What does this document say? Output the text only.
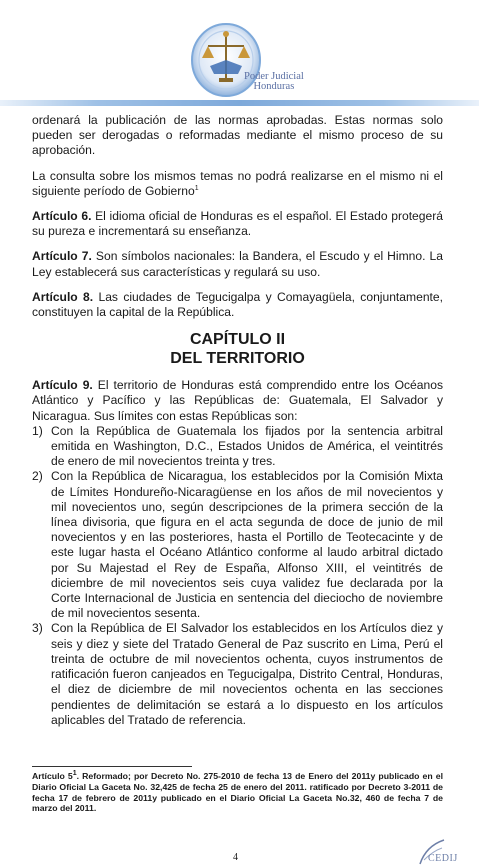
Poder Judicial
Honduras

ordenará la publicación de las normas aprobadas. Estas normas solo pueden ser derogadas o reformadas mediante el mismo proceso de su aprobación.

La consulta sobre los mismos temas no podrá realizarse en el mismo ni el siguiente período de Gobierno$^1$

Artículo 6. El idioma oficial de Honduras es el español. El Estado protegerá su pureza e incrementará su enseñanza.

Artículo 7. Son símbolos nacionales: la Bandera, el Escudo y el Himno. La Ley establecerá sus características y regulará su uso.

Artículo 8. Las ciudades de Tegucigalpa y Comayagüela, conjuntamente, constituyen la capital de la República.

CAPÍTULO II
DEL TERRITORIO

Artículo 9. El territorio de Honduras está comprendido entre los Océanos Atlántico y Pacífico y las Repúblicas de: Guatemala, El Salvador y Nicaragua. Sus límites con estas Repúblicas son:

1) Con la República de Guatemala los fijados por la sentencia arbitral emitida en Washington, D.C., Estados Unidos de América, el veintitrés de enero de mil novecientos treinta y tres.
2) Con la República de Nicaragua, los establecidos por la Comisión Mixta de Límites Hondureño-Nicaragüense en los años de mil novecientos y mil novecientos uno, según descripciones de la primera sección de la línea divisoria, que figura en el acta segunda de doce de junio de mil novecientos y en las posteriores, hasta el Portillo de Teotecacinte y de este lugar hasta el Océano Atlántico conforme al laudo arbitral dictado por Su Majestad el Rey de España, Alfonso XIII, el veintitrés de diciembre de mil novecientos seis cuya validez fue declarada por la Corte Internacional de Justicia en sentencia del dieciocho de noviembre de mil novecientos sesenta.
3) Con la República de El Salvador los establecidos en los Artículos diez y seis y diez y siete del Tratado General de Paz suscrito en Lima, Perú el treinta de octubre de mil novecientos ochenta, cuyos instrumentos de ratificación fueron canjeados en Tegucigalpa, Distrito Central, Honduras, el diez de diciembre de mil novecientos ochenta en las secciones pendientes de delimitación se estará a lo dispuesto en los artículos aplicables del Tratado de referencia.
Artículo $5^1$. Reformado; por Decreto No. 275-2010 de fecha 13 de Enero del 2011y publicado en el Diario Oficial La Gaceta No. 32,425 de fecha 25 de enero del 2011. ratificado por Decreto 3-2011 de fecha 17 de febrero de 2011y publicado en el Diario Oficial La Gaceta No.32, 460 de fecha 7 de marzo del 2011.
4	CEDIJ
